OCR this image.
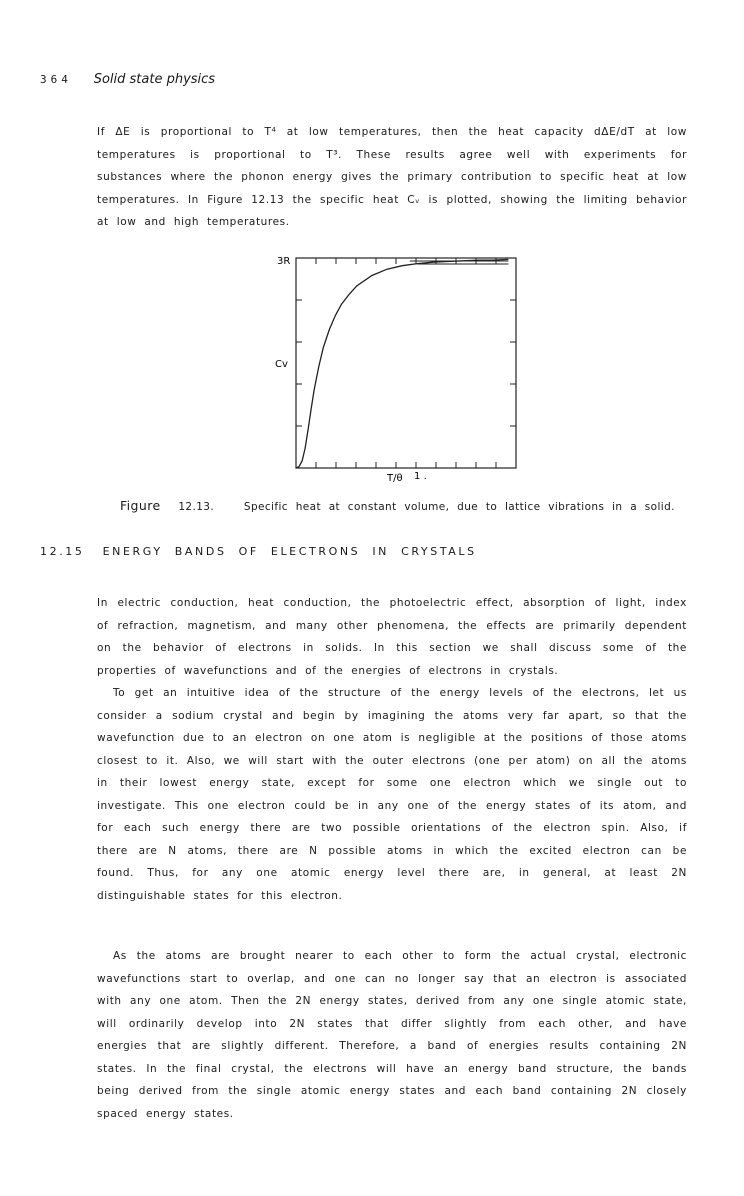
364 Solid state physics

If ΔE is proportional to T⁴ at low temperatures, then the heat capacity dΔE/dT at low temperatures is proportional to T³. These results agree well with experiments for substances where the phonon energy gives the primary contribution to specific heat at low temperatures. In Figure 12.13 the specific heat Cᵥ is plotted, showing the limiting behavior at low and high temperatures.

3R
Cv
T/θ 1 .
Figure 12.13.	Specific heat at constant volume, due to lattice vibrations in a solid.
12.15 ENERGY BANDS OF ELECTRONS IN CRYSTALS

In electric conduction, heat conduction, the photoelectric effect, absorption of light, index of refraction, magnetism, and many other phenomena, the effects are primarily dependent on the behavior of electrons in solids. In this section we shall discuss some of the properties of wavefunctions and of the energies of electrons in crystals.

To get an intuitive idea of the structure of the energy levels of the electrons, let us consider a sodium crystal and begin by imagining the atoms very far apart, so that the wavefunction due to an electron on one atom is negligible at the positions of those atoms closest to it. Also, we will start with the outer electrons (one per atom) on all the atoms in their lowest energy state, except for some one electron which we single out to investigate. This one electron could be in any one of the energy states of its atom, and for each such energy there are two possible orientations of the electron spin. Also, if there are N atoms, there are N possible atoms in which the excited electron can be found. Thus, for any one atomic energy level there are, in general, at least 2N distinguishable states for this electron.

As the atoms are brought nearer to each other to form the actual crystal, electronic wavefunctions start to overlap, and one can no longer say that an electron is associated with any one atom. Then the 2N energy states, derived from any one single atomic state, will ordinarily develop into 2N states that differ slightly from each other, and have energies that are slightly different. Therefore, a band of energies results containing 2N states. In the final crystal, the electrons will have an energy band structure, the bands being derived from the single atomic energy states and each band containing 2N closely spaced energy states.
